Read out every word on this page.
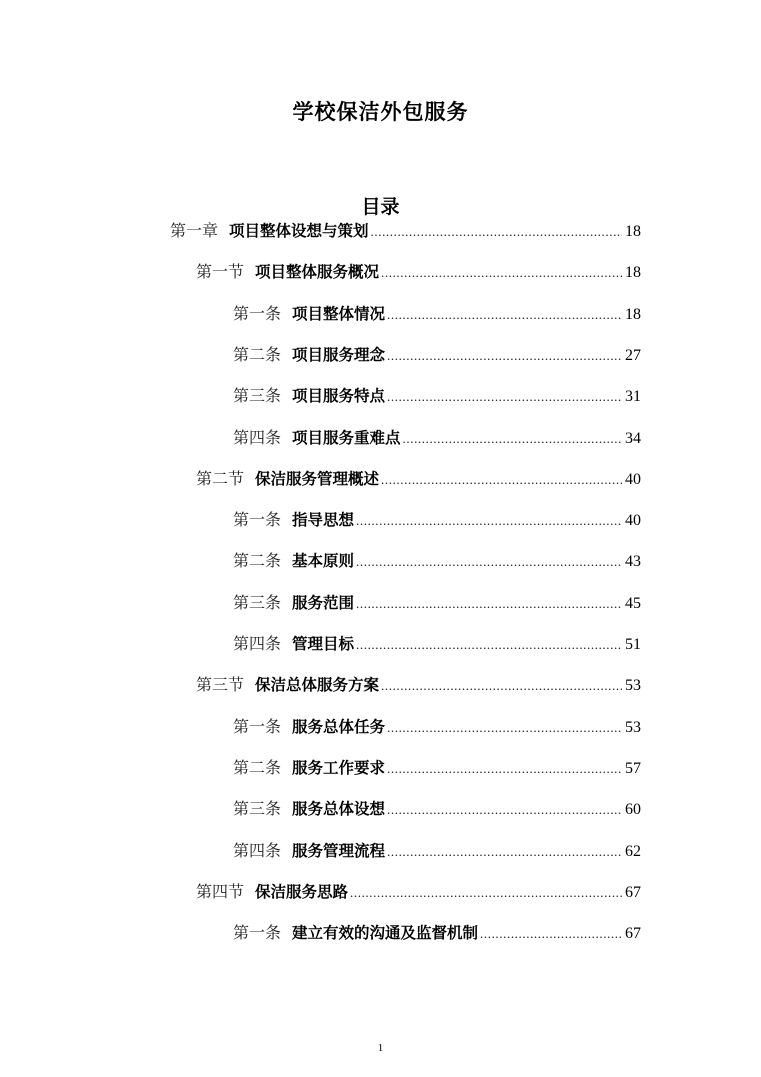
学校保洁外包服务
目录
第一章 项目整体设想与策划 .....	18
第一节 项目整体服务概况 .....	18
第一条 项目整体情况 .....	18
第二条 项目服务理念 .....	27
第三条 项目服务特点 .....	31
第四条 项目服务重难点 .....	34
第二节 保洁服务管理概述 .....	40
第一条 指导思想 .....	40
第二条 基本原则 .....	43
第三条 服务范围 .....	45
第四条 管理目标 .....	51
第三节 保洁总体服务方案 .....	53
第一条 服务总体任务 .....	53
第二条 服务工作要求 .....	57
第三条 服务总体设想 .....	60
第四条 服务管理流程 .....	62
第四节 保洁服务思路 .....	67
第一条 建立有效的沟通及监督机制 .....	67
1
